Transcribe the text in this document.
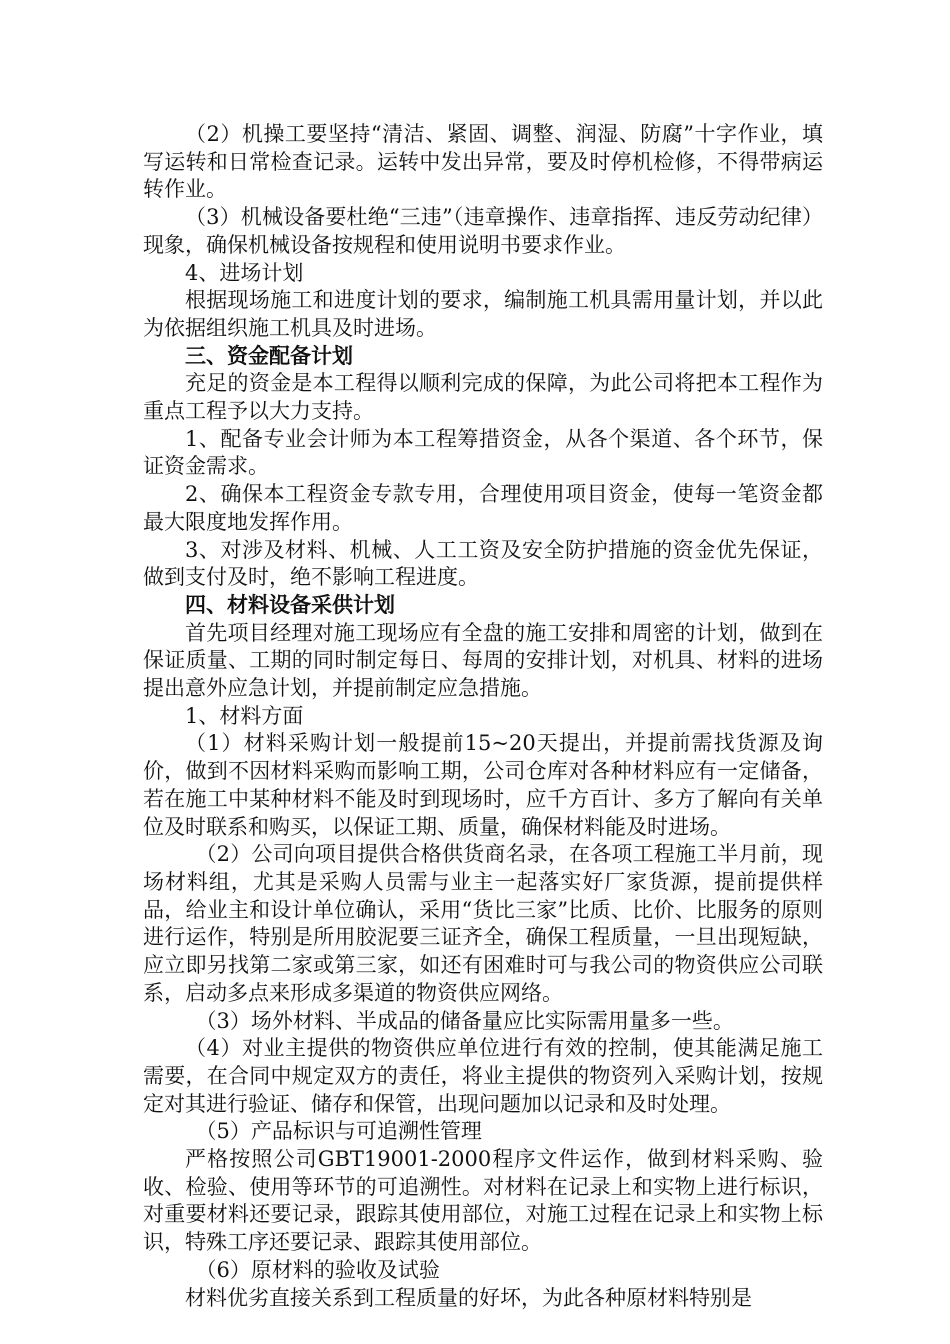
（2）机操工要坚持“清洁、紧固、调整、润湿、防腐”十字作业，填写运转和日常检查记录。运转中发出异常，要及时停机检修，不得带病运转作业。

（3）机械设备要杜绝“三违”（违章操作、违章指挥、违反劳动纪律）现象，确保机械设备按规程和使用说明书要求作业。

4、进场计划

根据现场施工和进度计划的要求，编制施工机具需用量计划，并以此为依据组织施工机具及时进场。

三、资金配备计划

充足的资金是本工程得以顺利完成的保障，为此公司将把本工程作为重点工程予以大力支持。

1、配备专业会计师为本工程筹措资金，从各个渠道、各个环节，保证资金需求。

2、确保本工程资金专款专用，合理使用项目资金，使每一笔资金都最大限度地发挥作用。

3、对涉及材料、机械、人工工资及安全防护措施的资金优先保证，做到支付及时，绝不影响工程进度。

四、材料设备采供计划

首先项目经理对施工现场应有全盘的施工安排和周密的计划，做到在保证质量、工期的同时制定每日、每周的安排计划，对机具、材料的进场提出意外应急计划，并提前制定应急措施。

1、材料方面

（1）材料采购计划一般提前15~20天提出，并提前需找货源及询价，做到不因材料采购而影响工期，公司仓库对各种材料应有一定储备，若在施工中某种材料不能及时到现场时，应千方百计、多方了解向有关单位及时联系和购买，以保证工期、质量，确保材料能及时进场。

（2）公司向项目提供合格供货商名录，在各项工程施工半月前，现场材料组，尤其是采购人员需与业主一起落实好厂家货源，提前提供样品，给业主和设计单位确认，采用“货比三家”比质、比价、比服务的原则进行运作，特别是所用胶泥要三证齐全，确保工程质量，一旦出现短缺，应立即另找第二家或第三家，如还有困难时可与我公司的物资供应公司联系，启动多点来形成多渠道的物资供应网络。

（3）场外材料、半成品的储备量应比实际需用量多一些。

（4）对业主提供的物资供应单位进行有效的控制，使其能满足施工需要，在合同中规定双方的责任，将业主提供的物资列入采购计划，按规定对其进行验证、储存和保管，出现问题加以记录和及时处理。

（5）产品标识与可追溯性管理

严格按照公司GBT19001-2000程序文件运作，做到材料采购、验收、检验、使用等环节的可追溯性。对材料在记录上和实物上进行标识，对重要材料还要记录，跟踪其使用部位，对施工过程在记录上和实物上标识，特殊工序还要记录、跟踪其使用部位。

（6）原材料的验收及试验

材料优劣直接关系到工程质量的好坏，为此各种原材料特别是
